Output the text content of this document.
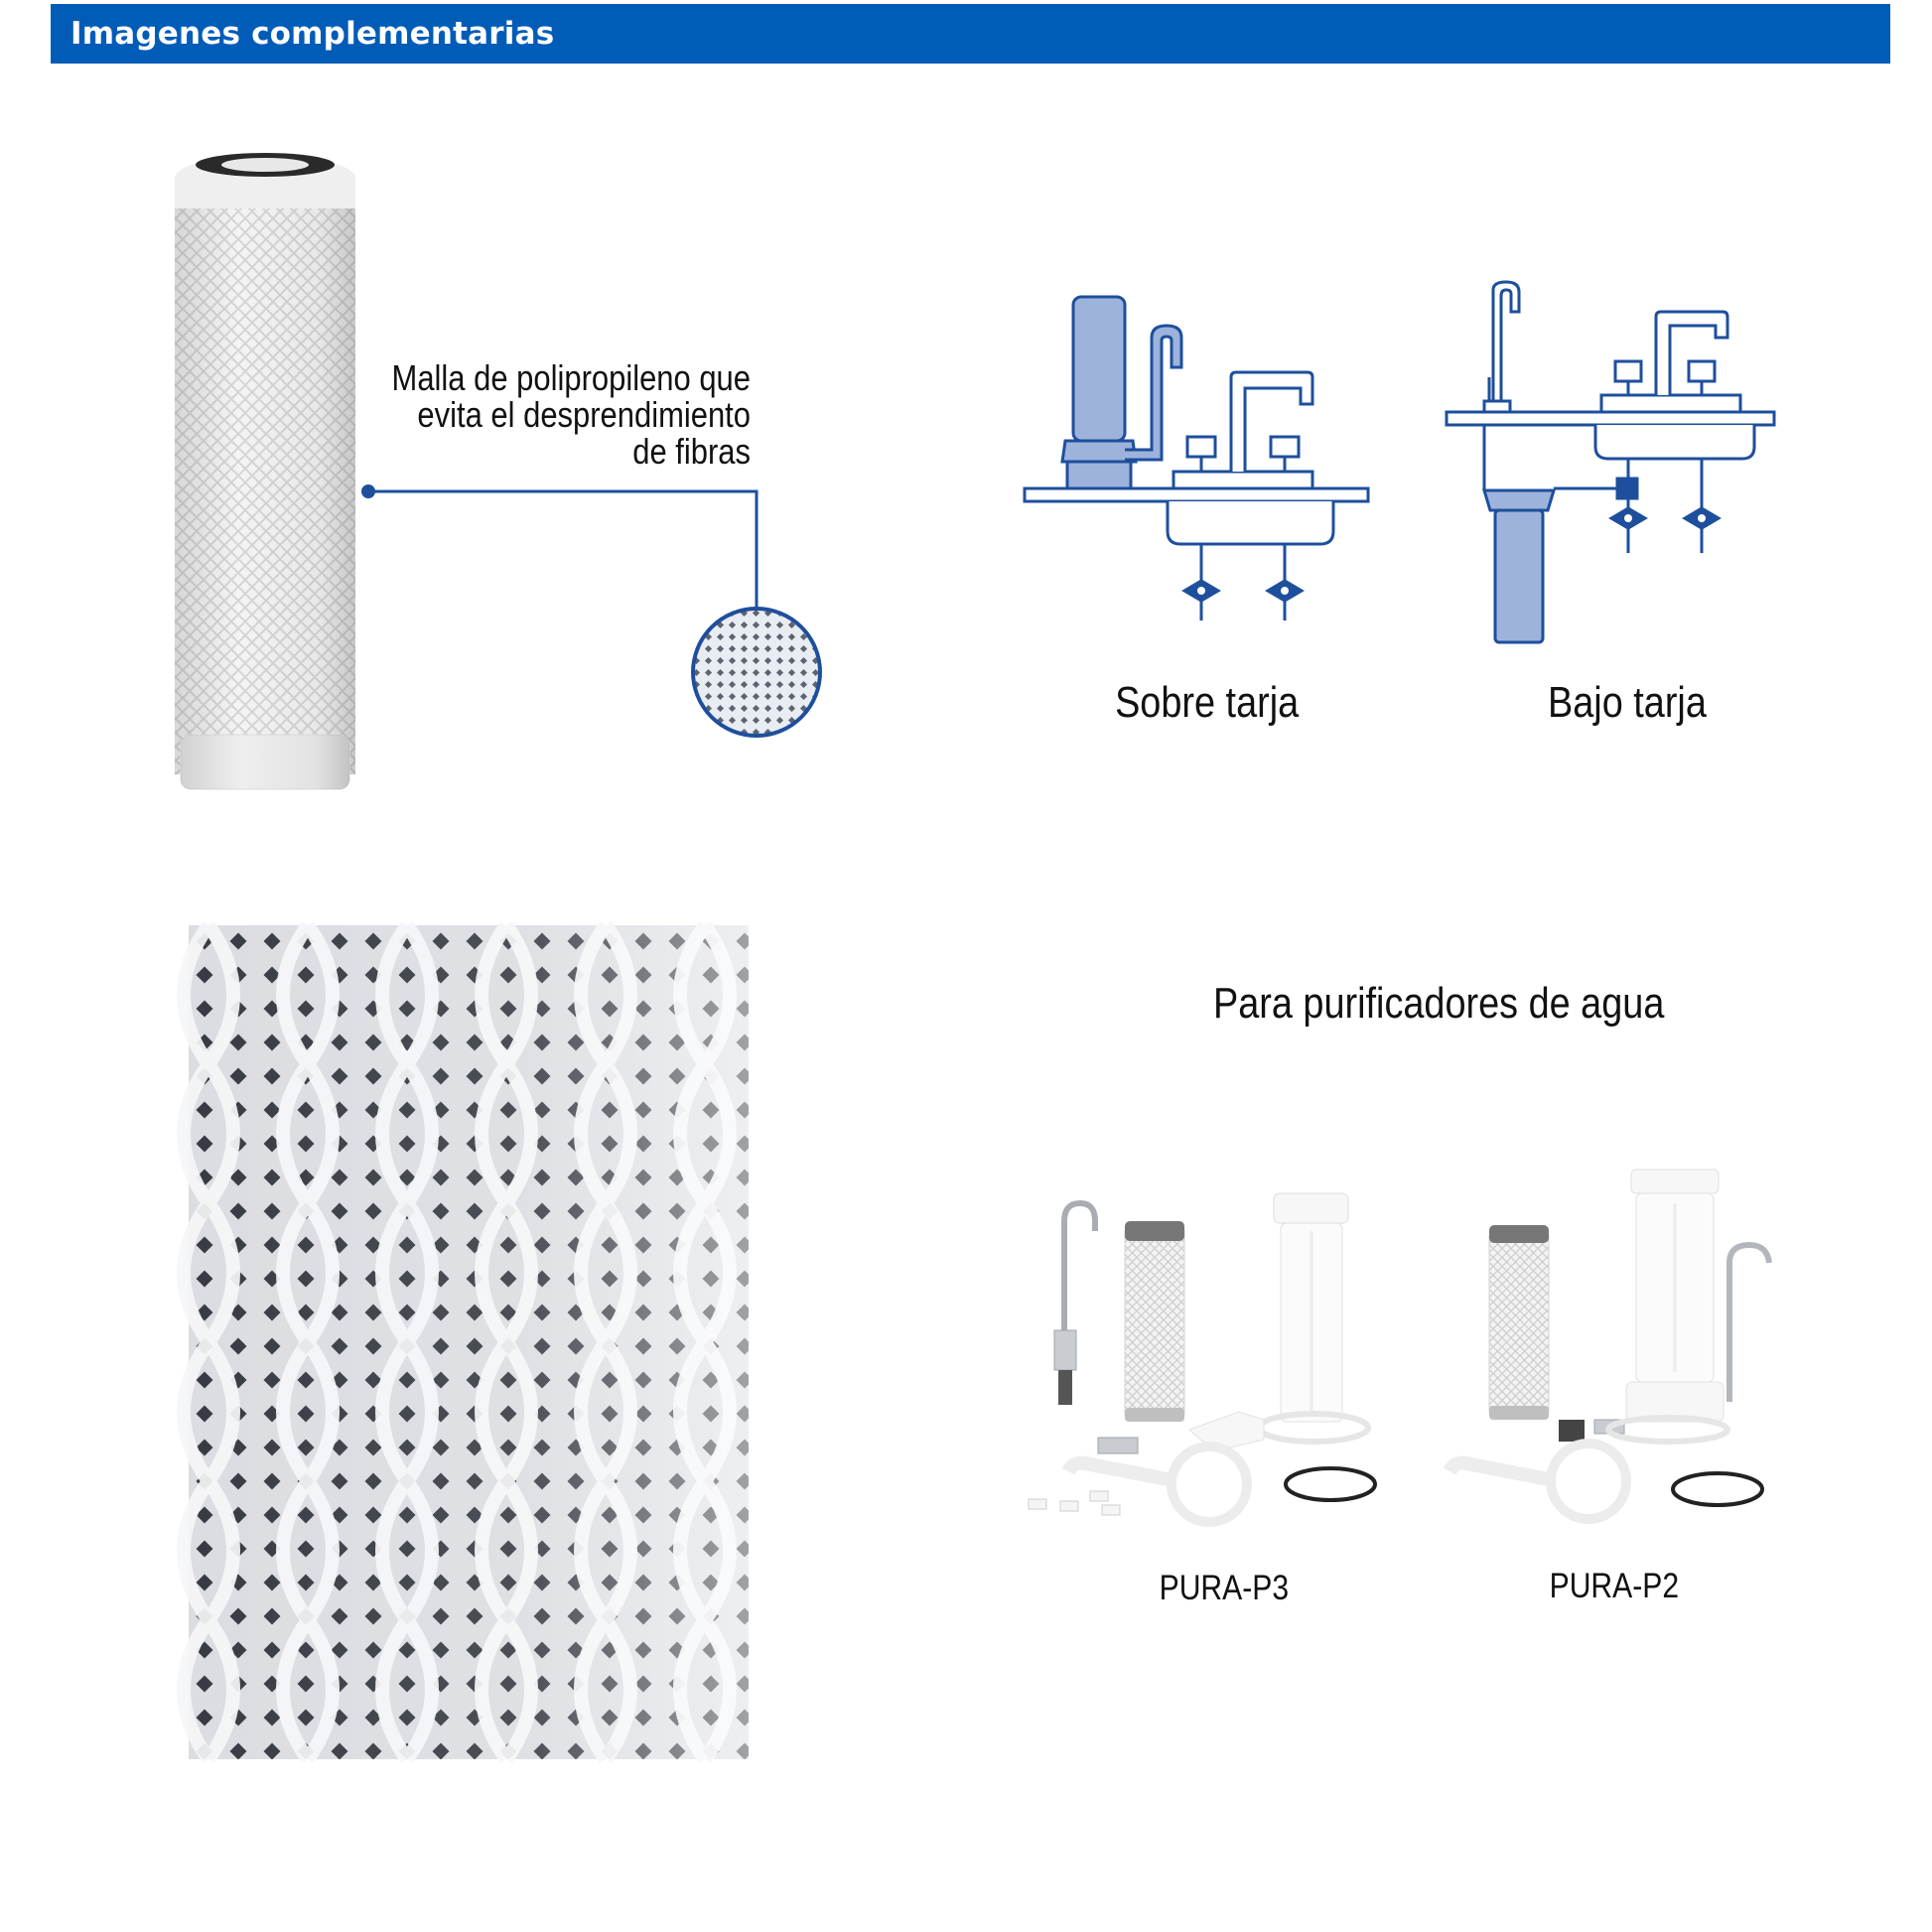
Imagenes complementarias
Malla de polipropileno que
evita el desprendimiento
de fibras
Sobre tarja	Bajo tarja
Para purificadores de agua
PURA-P3	PURA-P2
